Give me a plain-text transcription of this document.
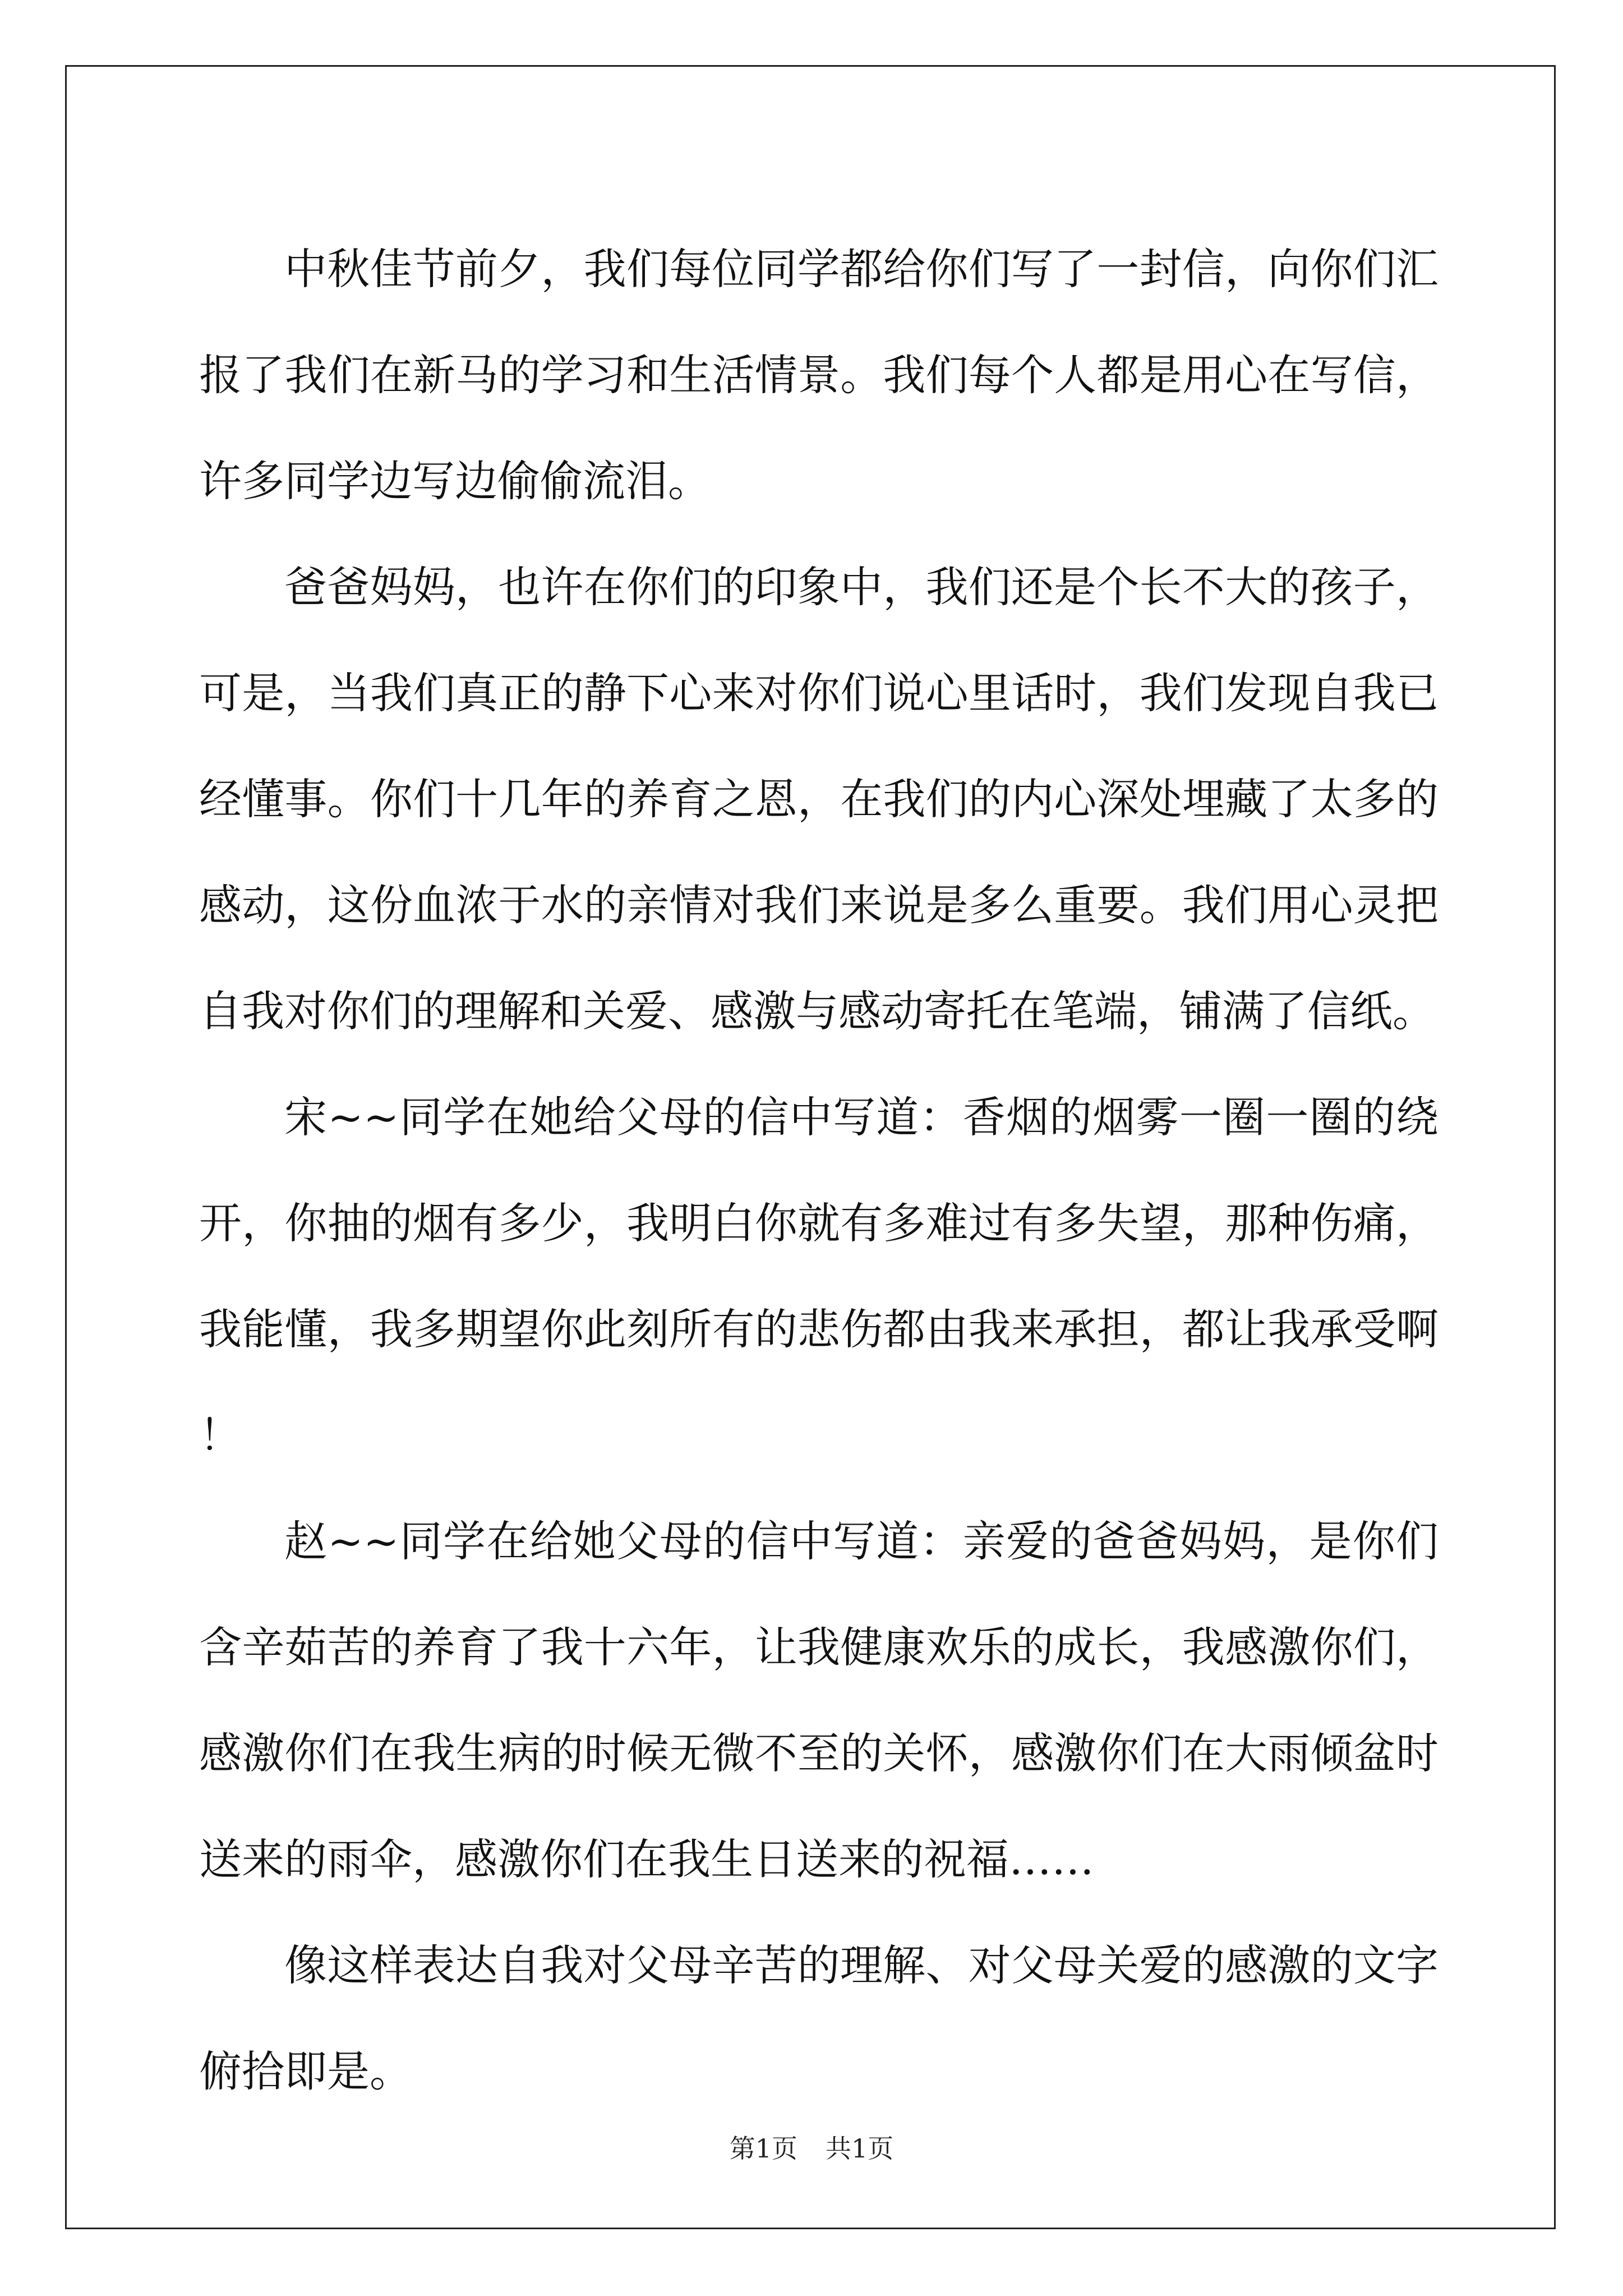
中秋佳节前夕，我们每位同学都给你们写了一封信，向你们汇报了我们在新马的学习和生活情景。我们每个人都是用心在写信，许多同学边写边偷偷流泪。

爸爸妈妈，也许在你们的印象中，我们还是个长不大的孩子，可是，当我们真正的静下心来对你们说心里话时，我们发现自我已经懂事。你们十几年的养育之恩，在我们的内心深处埋藏了太多的感动，这份血浓于水的亲情对我们来说是多么重要。我们用心灵把自我对你们的理解和关爱、感激与感动寄托在笔端，铺满了信纸。

宋~~同学在她给父母的信中写道：香烟的烟雾一圈一圈的绕开，你抽的烟有多少，我明白你就有多难过有多失望，那种伤痛，我能懂，我多期望你此刻所有的悲伤都由我来承担，都让我承受啊！

赵~~同学在给她父母的信中写道：亲爱的爸爸妈妈，是你们含辛茹苦的养育了我十六年，让我健康欢乐的成长，我感激你们，感激你们在我生病的时候无微不至的关怀，感激你们在大雨倾盆时送来的雨伞，感激你们在我生日送来的祝福……

像这样表达自我对父母辛苦的理解、对父母关爱的感激的文字俯拾即是。

第1页 共1页
